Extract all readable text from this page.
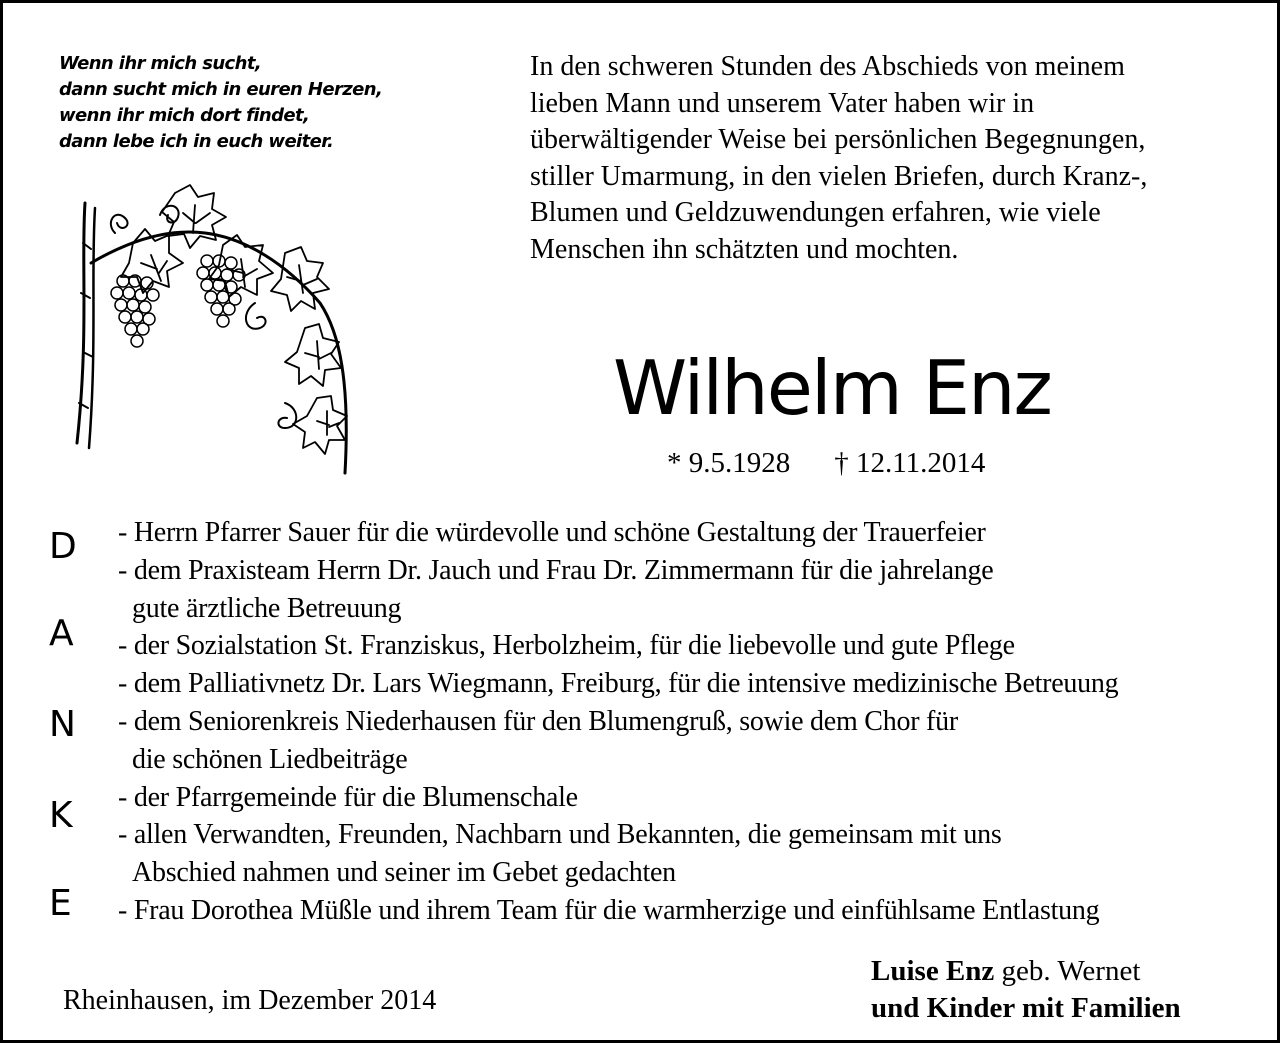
Wenn ihr mich sucht,
dann sucht mich in euren Herzen,
wenn ihr mich dort findet,
dann lebe ich in euch weiter.
In den schweren Stunden des Abschieds von meinem
lieben Mann und unserem Vater haben wir in
überwältigender Weise bei persönlichen Begegnungen,
stiller Umarmung, in den vielen Briefen, durch Kranz-,
Blumen und Geldzuwendungen erfahren, wie viele
Menschen ihn schätzten und mochten.
Wilhelm Enz
* 9.5.1928 † 12.11.2014
D
A
N
K
E
- Herrn Pfarrer Sauer für die würdevolle und schöne Gestaltung der Trauerfeier
- dem Praxisteam Herrn Dr. Jauch und Frau Dr. Zimmermann für die jahrelange
gute ärztliche Betreuung
- der Sozialstation St. Franziskus, Herbolzheim, für die liebevolle und gute Pflege
- dem Palliativnetz Dr. Lars Wiegmann, Freiburg, für die intensive medizinische Betreuung
- dem Seniorenkreis Niederhausen für den Blumengruß, sowie dem Chor für
die schönen Liedbeiträge
- der Pfarrgemeinde für die Blumenschale
- allen Verwandten, Freunden, Nachbarn und Bekannten, die gemeinsam mit uns
Abschied nahmen und seiner im Gebet gedachten
- Frau Dorothea Müßle und ihrem Team für die warmherzige und einfühlsame Entlastung
Rheinhausen, im Dezember 2014
Luise Enz geb. Wernet
und Kinder mit Familien
